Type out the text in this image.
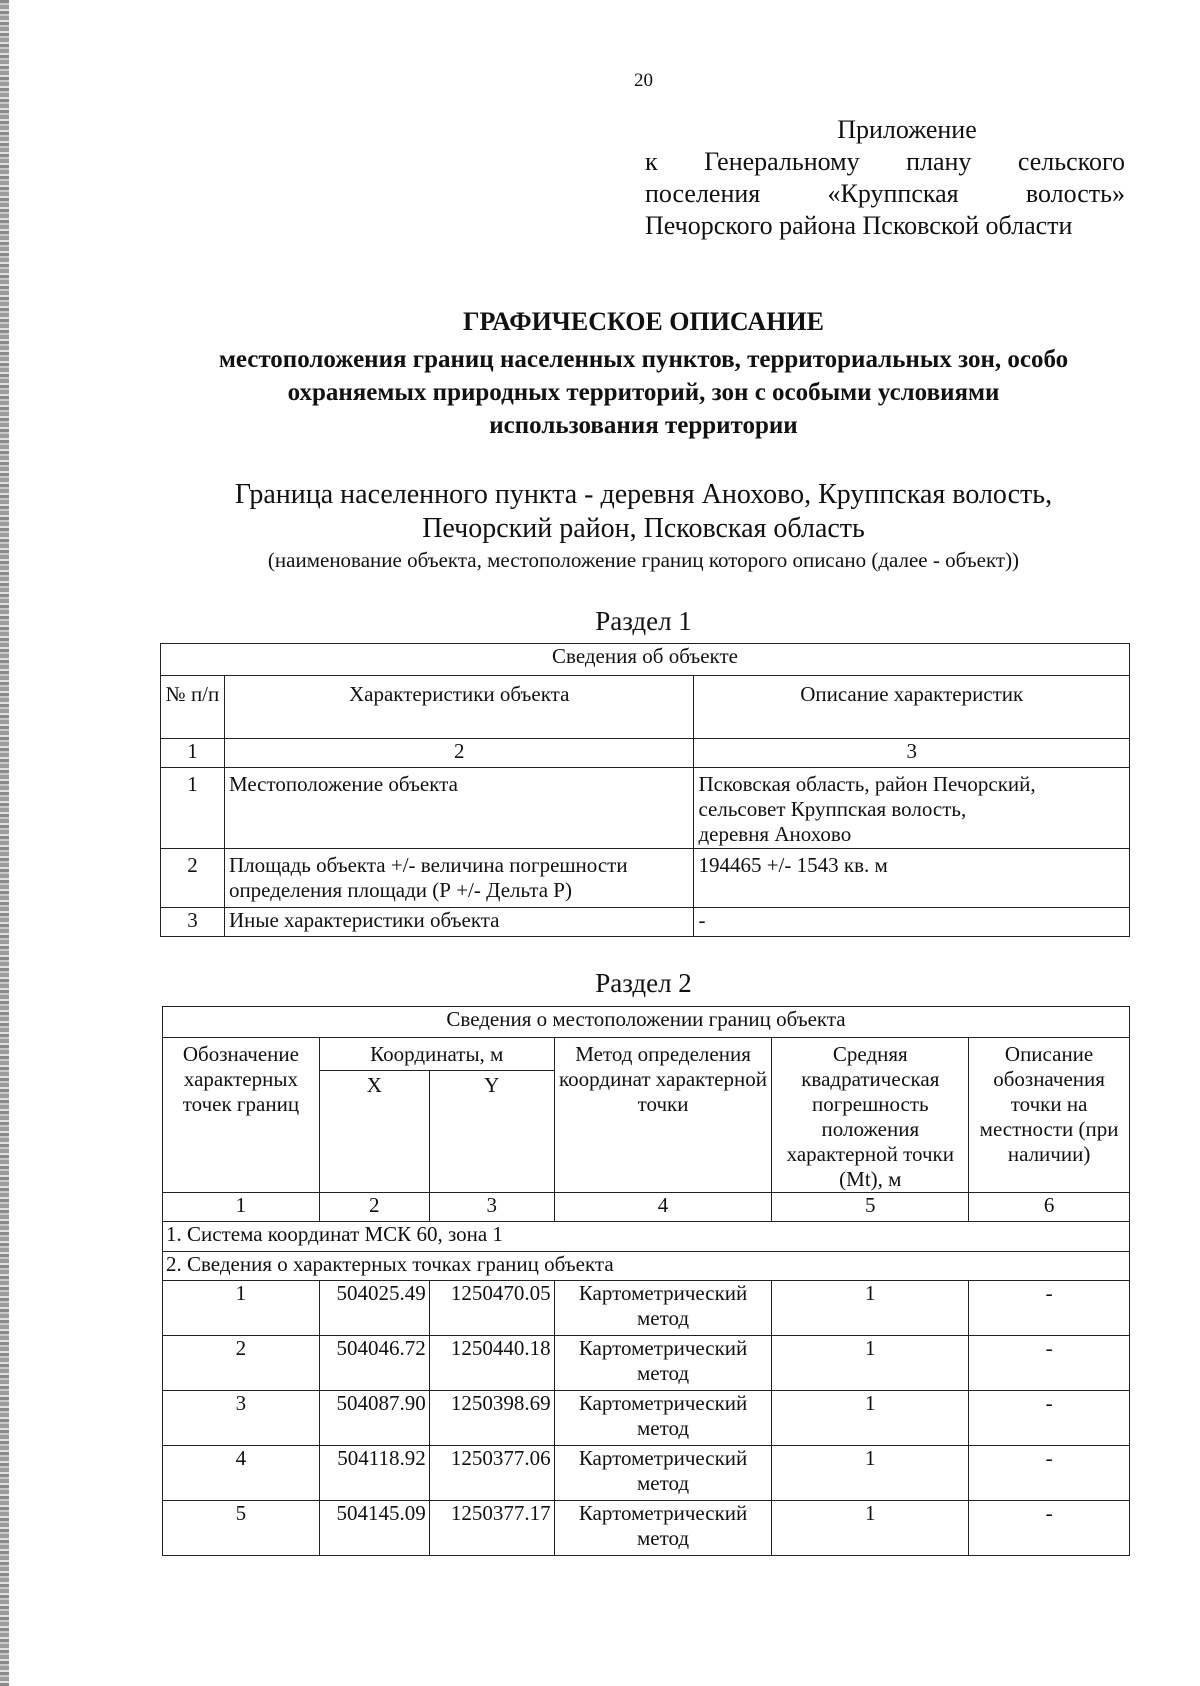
20
Приложение
к Генеральному плану сельского
поселения «Круппская волость»
Печорского района Псковской области
ГРАФИЧЕСКОЕ ОПИСАНИЕ
местоположения границ населенных пунктов, территориальных зон, особо
охраняемых природных территорий, зон с особыми условиями
использования территории
Граница населенного пункта - деревня Анохово, Круппская волость,
Печорский район, Псковская область
(наименование объекта, местоположение границ которого описано (далее - объект))
Раздел 1
Сведения об объекте		
№ п/п	Характеристики объекта	Описание характеристик
1	2	3
1	Местоположение объекта	Псковская область, район Печорский,
сельсовет Круппская волость,
деревня Анохово

2	Площадь объекта +/- величина погрешности
определения площади (Р +/- Дельта Р)	194465 +/- 1543 кв. м
3	Иные характеристики объекта	-
Раздел 2
Сведения о местоположении границ объекта					
Обозначение характерных точек границ	Координаты, м		Метод определения координат характерной точки	Средняя квадратическая погрешность положения характерной точки (Mt), м	Описание обозначения точки на местности (при наличии)
	X	Y			
1	2	3	4	5	6
1. Система координат МСК 60, зона 1					
2. Сведения о характерных точках границ объекта					
1	504025.49	1250470.05	Картометрический метод	1	-
2	504046.72	1250440.18	Картометрический метод	1	-
3	504087.90	1250398.69	Картометрический метод	1	-
4	504118.92	1250377.06	Картометрический метод	1	-
5	504145.09	1250377.17	Картометрический метод	1	-
